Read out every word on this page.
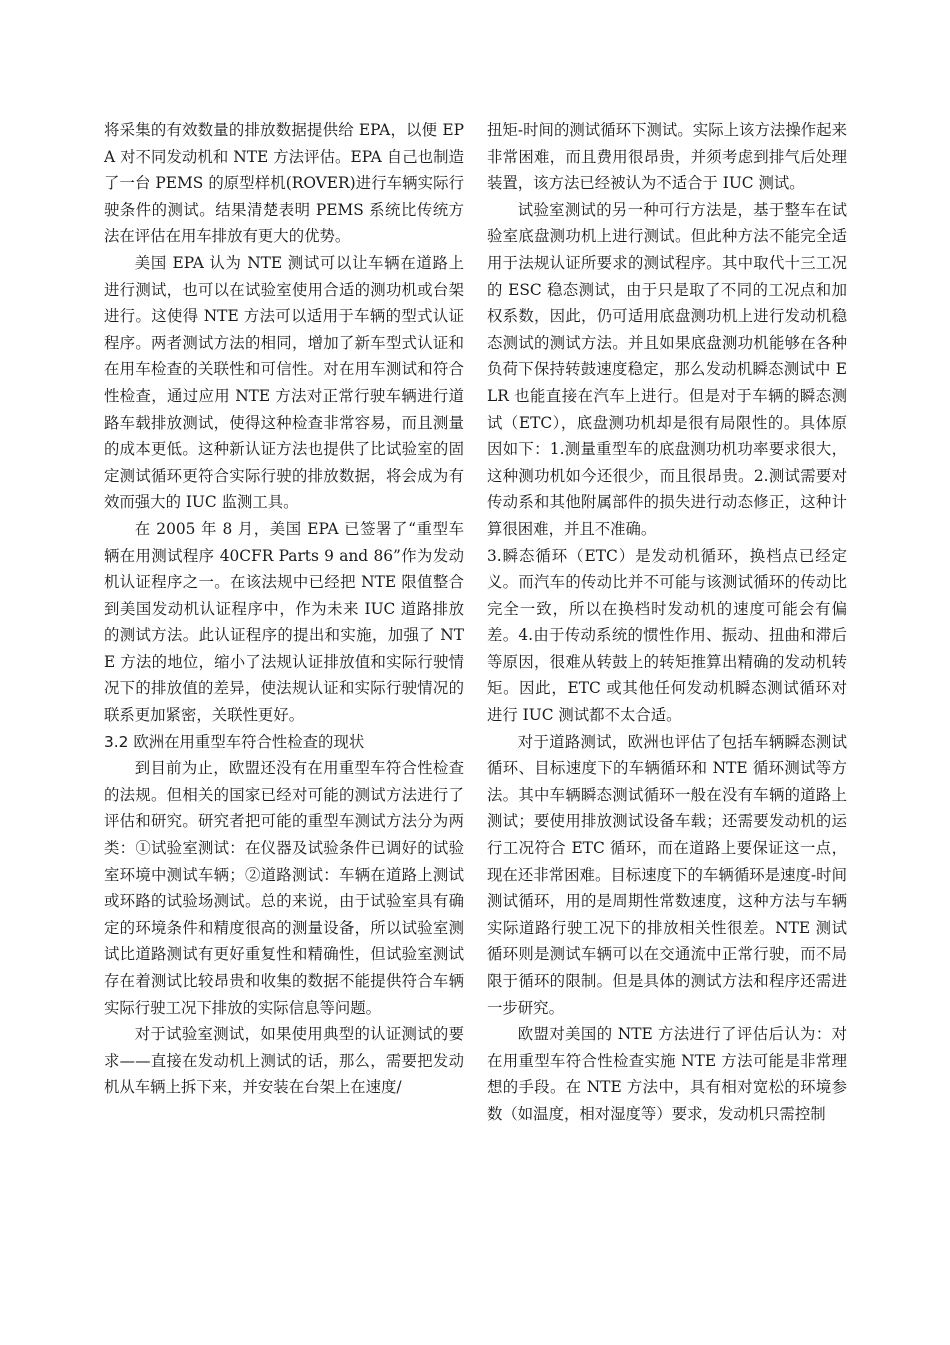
将采集的有效数量的排放数据提供给 EPA，以便 EPA 对不同发动机和 NTE 方法评估。EPA 自己也制造了一台 PEMS 的原型样机(ROVER)进行车辆实际行驶条件的测试。结果清楚表明 PEMS 系统比传统方法在评估在用车排放有更大的优势。

美国 EPA 认为 NTE 测试可以让车辆在道路上进行测试，也可以在试验室使用合适的测功机或台架进行。这使得 NTE 方法可以适用于车辆的型式认证程序。两者测试方法的相同，增加了新车型式认证和在用车检查的关联性和可信性。对在用车测试和符合性检查，通过应用 NTE 方法对正常行驶车辆进行道路车载排放测试，使得这种检查非常容易，而且测量的成本更低。这种新认证方法也提供了比试验室的固定测试循环更符合实际行驶的排放数据，将会成为有效而强大的 IUC 监测工具。

在 2005 年 8 月，美国 EPA 已签署了“重型车辆在用测试程序 40CFR Parts 9 and 86”作为发动机认证程序之一。在该法规中已经把 NTE 限值整合到美国发动机认证程序中，作为未来 IUC 道路排放的测试方法。此认证程序的提出和实施，加强了 NTE 方法的地位，缩小了法规认证排放值和实际行驶情况下的排放值的差异，使法规认证和实际行驶情况的联系更加紧密，关联性更好。

3.2 欧洲在用重型车符合性检查的现状

到目前为止，欧盟还没有在用重型车符合性检查的法规。但相关的国家已经对可能的测试方法进行了评估和研究。研究者把可能的重型车测试方法分为两类：①试验室测试：在仪器及试验条件已调好的试验室环境中测试车辆；②道路测试：车辆在道路上测试或环路的试验场测试。总的来说，由于试验室具有确定的环境条件和精度很高的测量设备，所以试验室测试比道路测试有更好重复性和精确性，但试验室测试存在着测试比较昂贵和收集的数据不能提供符合车辆实际行驶工况下排放的实际信息等问题。

对于试验室测试，如果使用典型的认证测试的要求——直接在发动机上测试的话，那么，需要把发动机从车辆上拆下来，并安装在台架上在速度/

扭矩-时间的测试循环下测试。实际上该方法操作起来非常困难，而且费用很昂贵，并须考虑到排气后处理装置，该方法已经被认为不适合于 IUC 测试。

试验室测试的另一种可行方法是，基于整车在试验室底盘测功机上进行测试。但此种方法不能完全适用于法规认证所要求的测试程序。其中取代十三工况的 ESC 稳态测试，由于只是取了不同的工况点和加权系数，因此，仍可适用底盘测功机上进行发动机稳态测试的测试方法。并且如果底盘测功机能够在各种负荷下保持转鼓速度稳定，那么发动机瞬态测试中 ELR 也能直接在汽车上进行。但是对于车辆的瞬态测试（ETC），底盘测功机却是很有局限性的。具体原因如下：1.测量重型车的底盘测功机功率要求很大，这种测功机如今还很少，而且很昂贵。2.测试需要对传动系和其他附属部件的损失进行动态修正，这种计算很困难，并且不准确。

3.瞬态循环（ETC）是发动机循环，换档点已经定义。而汽车的传动比并不可能与该测试循环的传动比完全一致，所以在换档时发动机的速度可能会有偏差。4.由于传动系统的惯性作用、振动、扭曲和滞后等原因，很难从转鼓上的转矩推算出精确的发动机转矩。因此，ETC 或其他任何发动机瞬态测试循环对进行 IUC 测试都不太合适。

对于道路测试，欧洲也评估了包括车辆瞬态测试循环、目标速度下的车辆循环和 NTE 循环测试等方法。其中车辆瞬态测试循环一般在没有车辆的道路上测试；要使用排放测试设备车载；还需要发动机的运行工况符合 ETC 循环，而在道路上要保证这一点，现在还非常困难。目标速度下的车辆循环是速度-时间测试循环，用的是周期性常数速度，这种方法与车辆实际道路行驶工况下的排放相关性很差。NTE 测试循环则是测试车辆可以在交通流中正常行驶，而不局限于循环的限制。但是具体的测试方法和程序还需进一步研究。

欧盟对美国的 NTE 方法进行了评估后认为：对在用重型车符合性检查实施 NTE 方法可能是非常理想的手段。在 NTE 方法中，具有相对宽松的环境参数（如温度，相对湿度等）要求，发动机只需控制
